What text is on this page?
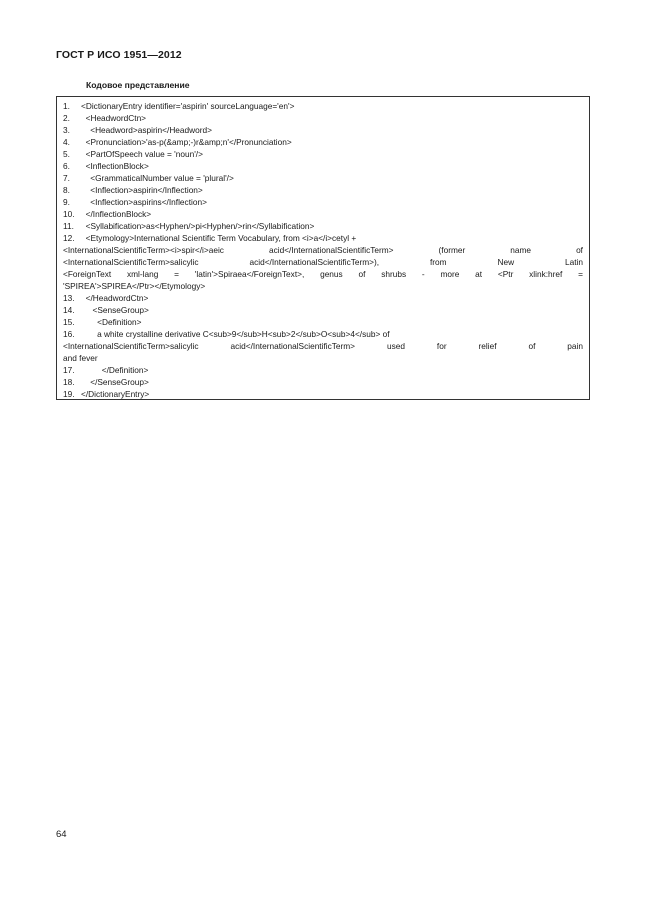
ГОСТ Р ИСО 1951—2012
Кодовое представление
1.	<DictionaryEntry identifier='aspirin' sourceLanguage='en'>
2.	<HeadwordCtn>
3.	<Headword>aspirin</Headword>
4.	<Pronunciation>'as-p(&amp;-)r&amp;n'</Pronunciation>
5.	<PartOfSpeech value = 'noun'/>
6.	<InflectionBlock>
7.	<GrammaticalNumber value = 'plural'/>
8.	<Inflection>aspirin</Inflection>
9.	<Inflection>aspirins</Inflection>
10. </InflectionBlock>
11. <Syllabification>as<Hyphen/>pi<Hyphen/>rin</Syllabification>
12. <Etymology>International Scientific Term Vocabulary, from <i>a</i>cetyl +
<InternationalScientificTerm><i>spir</i>aeic acid</InternationalScientificTerm> (former name of
<InternationalScientificTerm>salicylic acid</InternationalScientificTerm>), from New Latin
<ForeignText xml-lang = 'latin'>Spiraea</ForeignText>, genus of shrubs - more at <Ptr xlink:href =
'SPIREA'>SPIREA</Ptr></Etymology>
13. </HeadwordCtn>
14. <SenseGroup>
15. <Definition>
16. a white crystalline derivative C<sub>9</sub>H<sub>2</sub>O<sub>4</sub> of
<InternationalScientificTerm>salicylic acid</InternationalScientificTerm> used for relief of pain
and fever
17. </Definition>
18. </SenseGroup>
19. </DictionaryEntry>
64
